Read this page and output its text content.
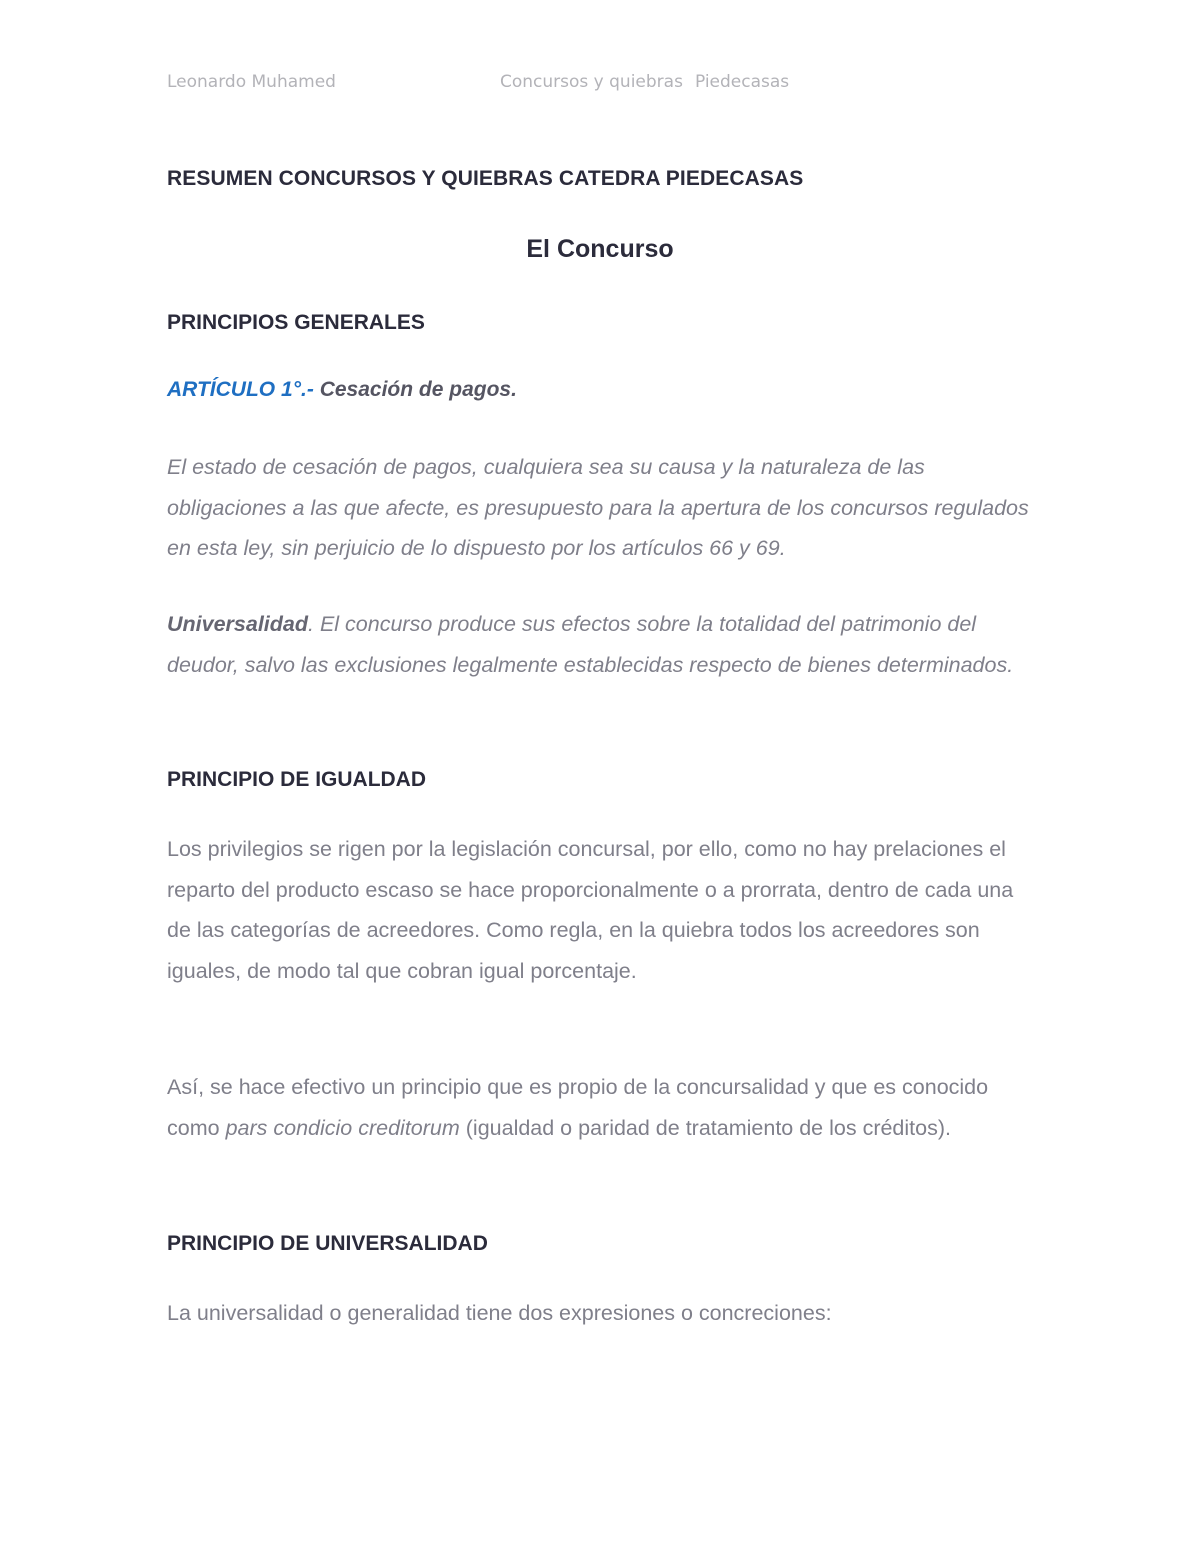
Leonardo Muhamed	Concursos y quiebras Piedecasas
RESUMEN CONCURSOS Y QUIEBRAS CATEDRA PIEDECASAS
El Concurso
PRINCIPIOS GENERALES
ARTÍCULO 1°.- Cesación de pagos.
El estado de cesación de pagos, cualquiera sea su causa y la naturaleza de las obligaciones a las que afecte, es presupuesto para la apertura de los concursos regulados en esta ley, sin perjuicio de lo dispuesto por los artículos 66 y 69.
Universalidad. El concurso produce sus efectos sobre la totalidad del patrimonio del deudor, salvo las exclusiones legalmente establecidas respecto de bienes determinados.
PRINCIPIO DE IGUALDAD
Los privilegios se rigen por la legislación concursal, por ello, como no hay prelaciones el reparto del producto escaso se hace proporcionalmente o a prorrata, dentro de cada una de las categorías de acreedores. Como regla, en la quiebra todos los acreedores son iguales, de modo tal que cobran igual porcentaje.
Así, se hace efectivo un principio que es propio de la concursalidad y que es conocido como pars condicio creditorum (igualdad o paridad de tratamiento de los créditos).
PRINCIPIO DE UNIVERSALIDAD
La universalidad o generalidad tiene dos expresiones o concreciones:
